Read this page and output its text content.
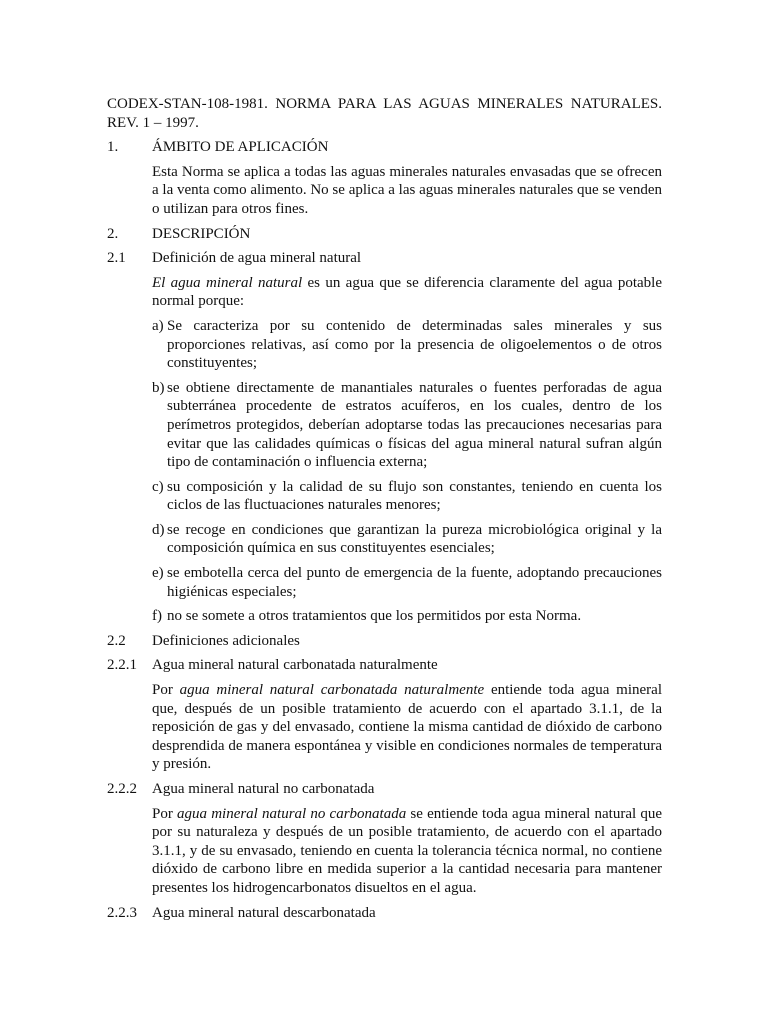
CODEX-STAN-108-1981. NORMA PARA LAS AGUAS MINERALES NATURALES. REV. 1 – 1997.

1.	ÁMBITO DE APLICACIÓN

Esta Norma se aplica a todas las aguas minerales naturales envasadas que se ofrecen a la venta como alimento. No se aplica a las aguas minerales naturales que se venden o utilizan para otros fines.

2.	DESCRIPCIÓN
2.1	Definición de agua mineral natural

El agua mineral natural es un agua que se diferencia claramente del agua potable normal porque:

a) Se caracteriza por su contenido de determinadas sales minerales y sus proporciones relativas, así como por la presencia de oligoelementos o de otros constituyentes;
b) se obtiene directamente de manantiales naturales o fuentes perforadas de agua subterránea procedente de estratos acuíferos, en los cuales, dentro de los perímetros protegidos, deberían adoptarse todas las precauciones necesarias para evitar que las calidades químicas o físicas del agua mineral natural sufran algún tipo de contaminación o influencia externa;
c) su composición y la calidad de su flujo son constantes, teniendo en cuenta los ciclos de las fluctuaciones naturales menores;
d) se recoge en condiciones que garantizan la pureza microbiológica original y la composición química en sus constituyentes esenciales;
e) se embotella cerca del punto de emergencia de la fuente, adoptando precauciones higiénicas especiales;
f) no se somete a otros tratamientos que los permitidos por esta Norma.
2.2	Definiciones adicionales
2.2.1	Agua mineral natural carbonatada naturalmente

Por agua mineral natural carbonatada naturalmente entiende toda agua mineral que, después de un posible tratamiento de acuerdo con el apartado 3.1.1, de la reposición de gas y del envasado, contiene la misma cantidad de dióxido de carbono desprendida de manera espontánea y visible en condiciones normales de temperatura y presión.

2.2.2	Agua mineral natural no carbonatada

Por agua mineral natural no carbonatada se entiende toda agua mineral natural que por su naturaleza y después de un posible tratamiento, de acuerdo con el apartado 3.1.1, y de su envasado, teniendo en cuenta la tolerancia técnica normal, no contiene dióxido de carbono libre en medida superior a la cantidad necesaria para mantener presentes los hidrogencarbonatos disueltos en el agua.

2.2.3	Agua mineral natural descarbonatada
